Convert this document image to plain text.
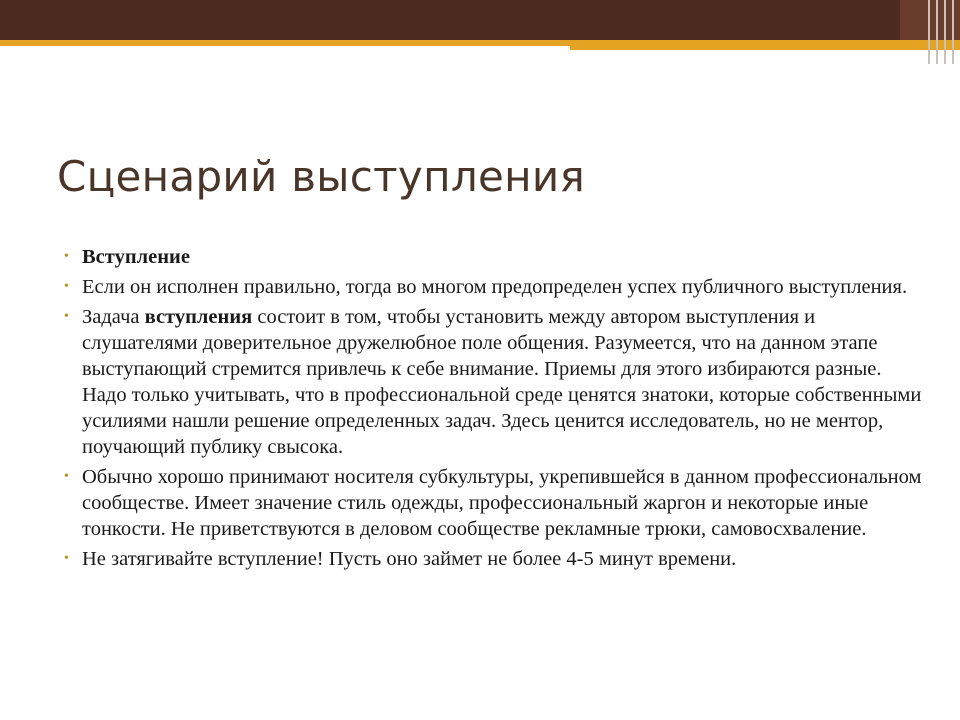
Сценарий выступления
• Вступление
• Если он исполнен правильно, тогда во многом предопределен успех публичного выступления.
• Задача вступления состоит в том, чтобы установить между автором выступления и слушателями доверительное дружелюбное поле общения. Разумеется, что на данном этапе выступающий стремится привлечь к себе внимание. Приемы для этого избираются разные. Надо только учитывать, что в профессиональной среде ценятся знатоки, которые собственными усилиями нашли решение определенных задач. Здесь ценится исследователь, но не ментор, поучающий публику свысока.
• Обычно хорошо принимают носителя субкультуры, укрепившейся в данном профессиональном сообществе. Имеет значение стиль одежды, профессиональный жаргон и некоторые иные тонкости. Не приветствуются в деловом сообществе рекламные трюки, самовосхваление.
• Не затягивайте вступление! Пусть оно займет не более 4-5 минут времени.
